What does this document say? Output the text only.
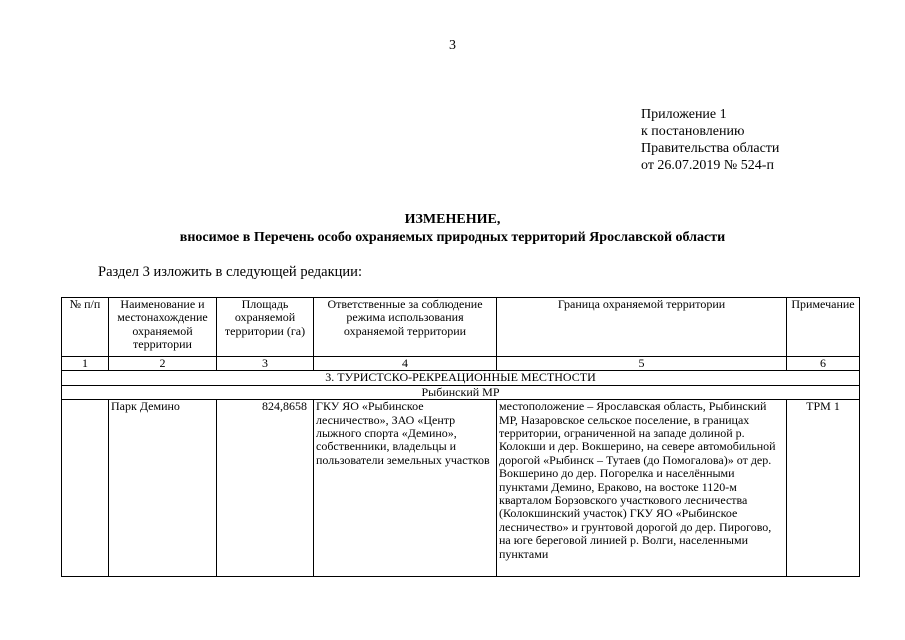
3
Приложение 1
к постановлению
Правительства области
от 26.07.2019 № 524-п
ИЗМЕНЕНИЕ,
вносимое в Перечень особо охраняемых природных территорий Ярославской области
Раздел 3 изложить в следующей редакции:
№ п/п	Наименование и местонахождение охраняемой территории	Площадь охраняемой территории (га)	Ответственные за соблюдение режима использования охраняемой территории	Граница охраняемой территории	Примечание
1	2	3	4	5	6
3. ТУРИСТСКО-РЕКРЕАЦИОННЫЕ МЕСТНОСТИ					
Рыбинский МР					
	Парк Демино	824,8658	ГКУ ЯО «Рыбинское лесничество», ЗАО «Центр лыжного спорта «Демино», собственники, владельцы и пользователи земельных участков	местоположение – Ярославская область, Рыбинский МР, Назаровское сельское поселение, в границах территории, ограниченной на западе долиной р. Колокши и дер. Вокшерино, на севере автомобильной дорогой «Рыбинск – Тутаев (до Помогалова)» от дер. Вокшерино до дер. Погорелка и населёнными пунктами Демино, Ераково, на востоке 1120-м кварталом Борзовского участкового лесничества (Колокшинский участок) ГКУ ЯО «Рыбинское лесничество» и грунтовой дорогой до дер. Пирогово, на юге береговой линией р. Волги, населенными пунктами	ТРМ 1
